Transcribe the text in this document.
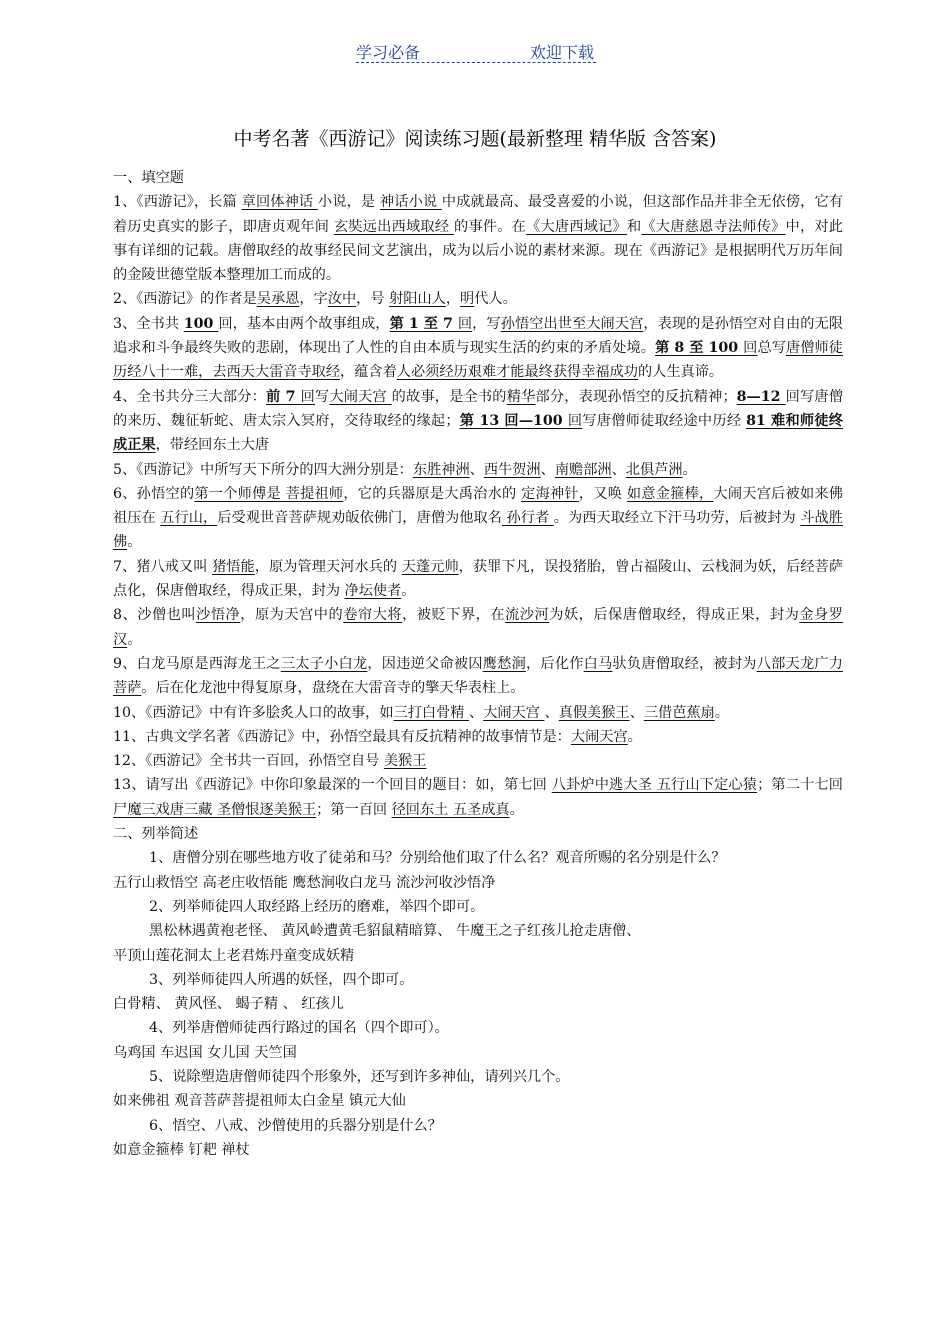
学习必备	欢迎下载
中考名著《西游记》阅读练习题(最新整理 精华版 含答案)

一、填空题

1、《西游记》，长篇 章回体神话 小说，是 神话小说 中成就最高、最受喜爱的小说，但这部作品并非全无依傍，它有着历史真实的影子，即唐贞观年间 玄奘远出西域取经 的事件。在《大唐西域记》和《大唐慈恩寺法师传》中，对此事有详细的记载。唐僧取经的故事经民间文艺演出，成为以后小说的素材来源。现在《西游记》是根据明代万历年间的金陵世德堂版本整理加工而成的。

2、《西游记》的作者是吴承恩，字汝中，号 射阳山人，明代人。

3、全书共 100 回，基本由两个故事组成，第 1 至 7 回，写孙悟空出世至大闹天宫，表现的是孙悟空对自由的无限追求和斗争最终失败的悲剧，体现出了人性的自由本质与现实生活的约束的矛盾处境。第 8 至 100 回总写唐僧师徒历经八十一难，去西天大雷音寺取经，蕴含着人必须经历艰难才能最终获得幸福成功的人生真谛。

4、全书共分三大部分：前 7 回写大闹天宫 的故事，是全书的精华部分，表现孙悟空的反抗精神；8—12 回写唐僧的来历、魏征斩蛇、唐太宗入冥府，交待取经的缘起；第 13 回—100 回写唐僧师徒取经途中历经 81 难和师徒终成正果，带经回东土大唐

5、《西游记》中所写天下所分的四大洲分别是：东胜神洲、西牛贺洲、南赡部洲、北俱芦洲。

6、孙悟空的第一个师傅是 菩提祖师，它的兵器原是大禹治水的 定海神针，又唤 如意金箍棒，大闹天宫后被如来佛祖压在 五行山，后受观世音菩萨规劝皈依佛门，唐僧为他取名 孙行者 。为西天取经立下汗马功劳，后被封为 斗战胜佛。

7、猪八戒又叫 猪悟能，原为管理天河水兵的 天蓬元帅，获罪下凡，误投猪胎，曾占福陵山、云栈洞为妖，后经菩萨点化，保唐僧取经，得成正果，封为 净坛使者。

8、沙僧也叫沙悟净，原为天宫中的卷帘大将，被贬下界，在流沙河为妖，后保唐僧取经，得成正果，封为金身罗汉。

9、白龙马原是西海龙王之三太子小白龙，因违逆父命被囚鹰愁涧，后化作白马驮负唐僧取经，被封为八部天龙广力菩萨。后在化龙池中得复原身，盘绕在大雷音寺的擎天华表柱上。

10、《西游记》中有许多脍炙人口的故事，如三打白骨精 、大闹天宫 、真假美猴王、三借芭蕉扇。

11、古典文学名著《西游记》中，孙悟空最具有反抗精神的故事情节是：大闹天宫。

12、《西游记》全书共一百回，孙悟空自号 美猴王

13、请写出《西游记》中你印象最深的一个回目的题目：如，第七回 八卦炉中逃大圣 五行山下定心猿；第二十七回 尸魔三戏唐三藏 圣僧恨逐美猴王；第一百回 径回东土 五圣成真。

二、列举简述

1、唐僧分别在哪些地方收了徒弟和马？分别给他们取了什么名？观音所赐的名分别是什么？

五行山救悟空 高老庄收悟能 鹰愁涧收白龙马 流沙河收沙悟净

2、列举师徒四人取经路上经历的磨难，举四个即可。

黑松林遇黄袍老怪、 黄风岭遭黄毛貂鼠精暗算、 牛魔王之子红孩儿抢走唐僧、

平顶山莲花洞太上老君炼丹童变成妖精

3、列举师徒四人所遇的妖怪，四个即可。

白骨精、 黄风怪、 蝎子精 、 红孩儿

4、列举唐僧师徒西行路过的国名（四个即可）。

乌鸡国 车迟国 女儿国 天竺国

5、说除塑造唐僧师徒四个形象外，还写到许多神仙，请列兴几个。

如来佛祖 观音菩萨菩提祖师太白金星 镇元大仙

6、悟空、八戒、沙僧使用的兵器分别是什么？

如意金箍棒 钉耙 禅杖
